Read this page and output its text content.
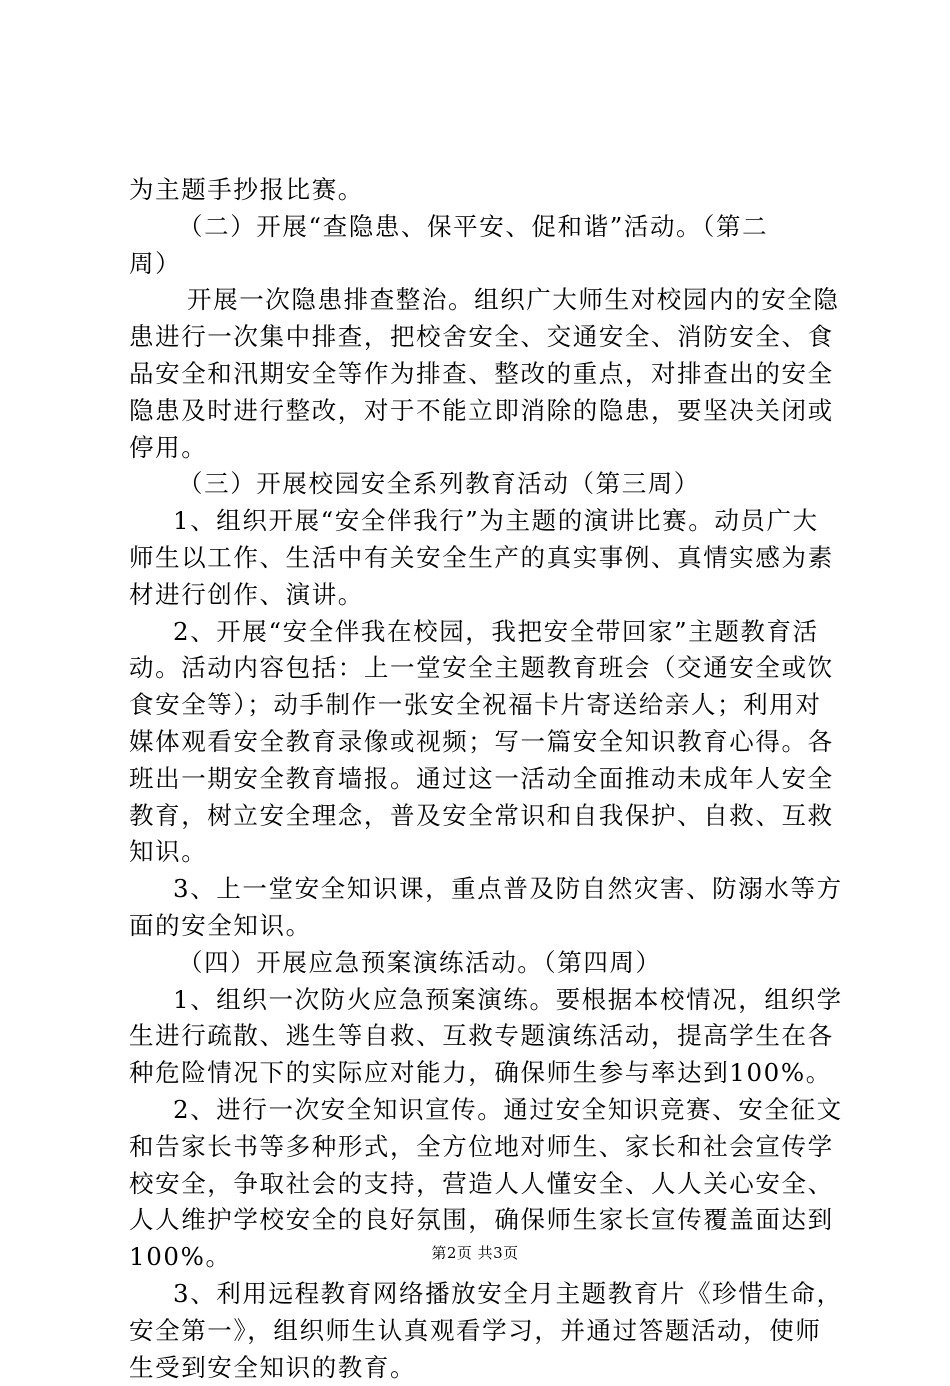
为主题手抄报比赛。
（二）开展“查隐患、保平安、促和谐”活动。（第二
周）
开展一次隐患排查整治。组织广大师生对校园内的安全隐
患进行一次集中排查，把校舍安全、交通安全、消防安全、食
品安全和汛期安全等作为排查、整改的重点，对排查出的安全
隐患及时进行整改，对于不能立即消除的隐患，要坚决关闭或
停用。
（三）开展校园安全系列教育活动（第三周）
1、组织开展“安全伴我行”为主题的演讲比赛。动员广大
师生以工作、生活中有关安全生产的真实事例、真情实感为素
材进行创作、演讲。
2、开展“安全伴我在校园，我把安全带回家”主题教育活
动。活动内容包括：上一堂安全主题教育班会（交通安全或饮
食安全等）；动手制作一张安全祝福卡片寄送给亲人；利用对
媒体观看安全教育录像或视频；写一篇安全知识教育心得。各
班出一期安全教育墙报。通过这一活动全面推动未成年人安全
教育，树立安全理念，普及安全常识和自我保护、自救、互救
知识。
3、上一堂安全知识课，重点普及防自然灾害、防溺水等方
面的安全知识。
（四）开展应急预案演练活动。（第四周）
1、组织一次防火应急预案演练。要根据本校情况，组织学
生进行疏散、逃生等自救、互救专题演练活动，提高学生在各
种危险情况下的实际应对能力，确保师生参与率达到100%。
2、进行一次安全知识宣传。通过安全知识竞赛、安全征文
和告家长书等多种形式，全方位地对师生、家长和社会宣传学
校安全，争取社会的支持，营造人人懂安全、人人关心安全、
人人维护学校安全的良好氛围，确保师生家长宣传覆盖面达到
100%。
3、利用远程教育网络播放安全月主题教育片《珍惜生命，
安全第一》，组织师生认真观看学习，并通过答题活动，使师
生受到安全知识的教育。
第2页 共3页
